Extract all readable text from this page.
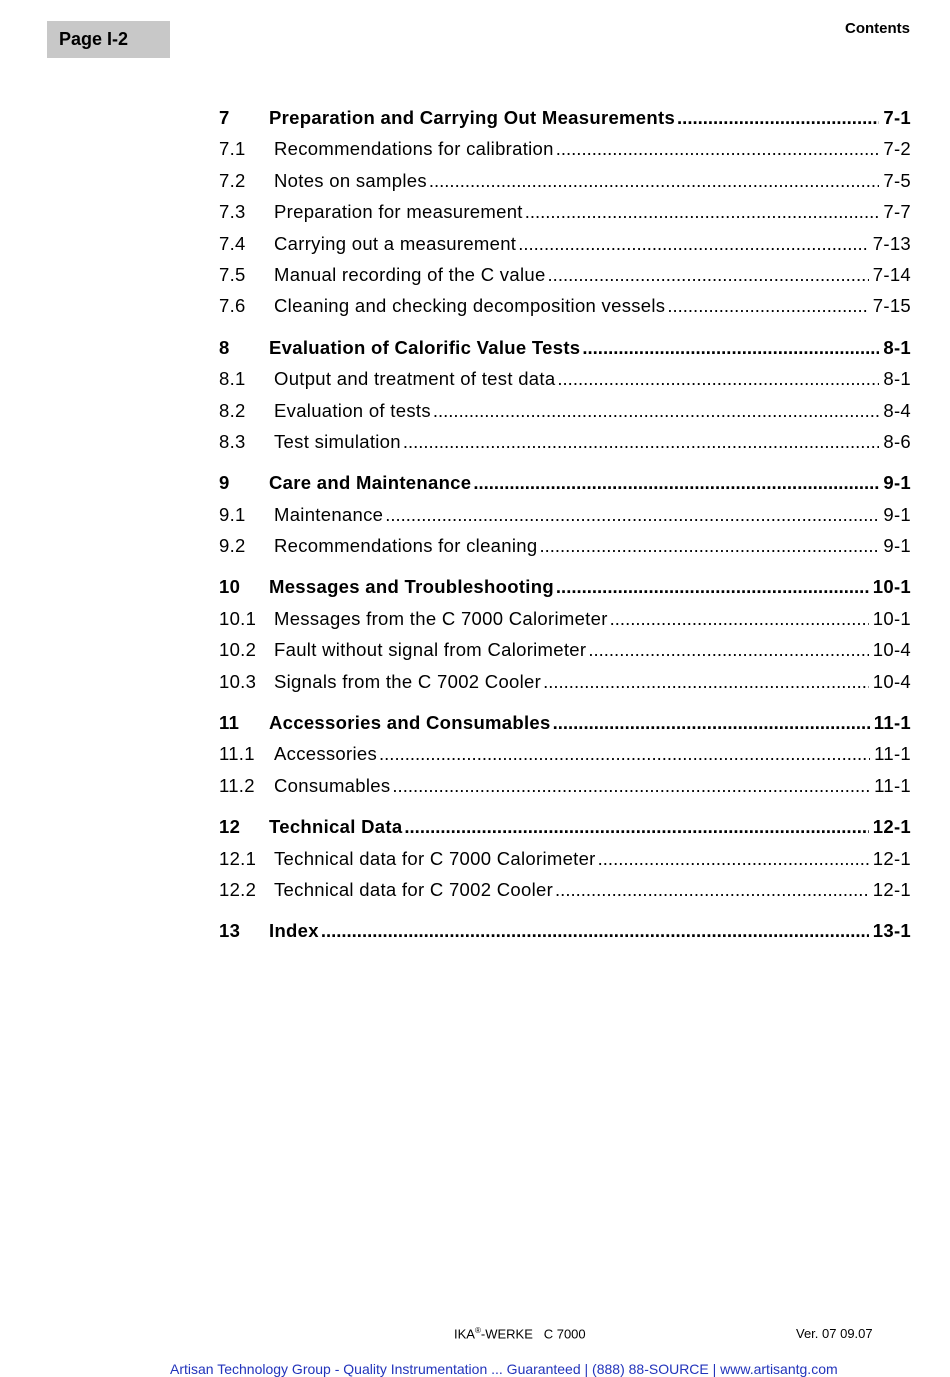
Page I-2
Contents
7	Preparation and Carrying Out Measurements .....	7-1
7.1	Recommendations for calibration .....	7-2
7.2	Notes on samples .....	7-5
7.3	Preparation for measurement .....	7-7
7.4	Carrying out a measurement .....	7-13
7.5	Manual recording of the C value .....	7-14
7.6	Cleaning and checking decomposition vessels .....	7-15
8	Evaluation of Calorific Value Tests .....	8-1
8.1	Output and treatment of test data .....	8-1
8.2	Evaluation of tests .....	8-4
8.3	Test simulation .....	8-6
9	Care and Maintenance .....	9-1
9.1	Maintenance .....	9-1
9.2	Recommendations for cleaning .....	9-1
10	Messages and Troubleshooting .....	10-1
10.1 Messages from the C 7000 Calorimeter .....	10-1
10.2 Fault without signal from Calorimeter .....	10-4
10.3 Signals from the C 7002 Cooler .....	10-4
11	Accessories and Consumables .....	11-1
11.1	Accessories .....	11-1
11.2	Consumables .....	11-1
12	Technical Data .....	12-1
12.1 Technical data for C 7000 Calorimeter .....	12-1
12.2 Technical data for C 7002 Cooler .....	12-1
13	Index .....	13-1
IKA®-WERKE C 7000	Ver. 07 09.07
Artisan Technology Group - Quality Instrumentation ... Guaranteed | (888) 88-SOURCE | www.artisantg.com
